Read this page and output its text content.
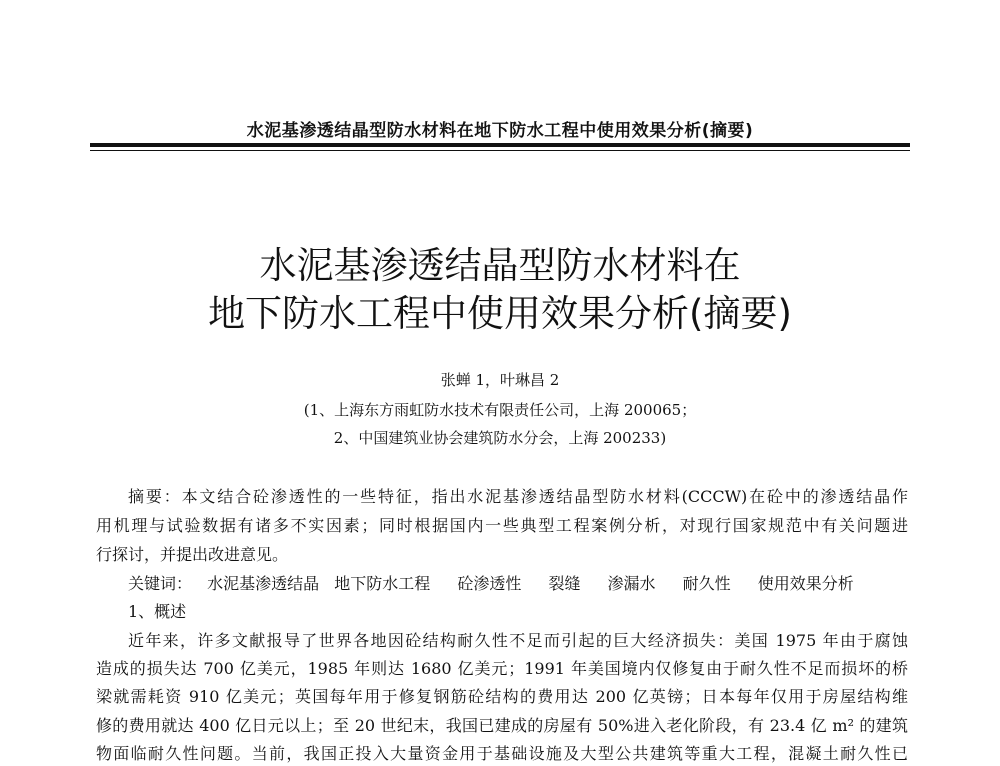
水泥基渗透结晶型防水材料在地下防水工程中使用效果分析(摘要)
水泥基渗透结晶型防水材料在
地下防水工程中使用效果分析(摘要)
张蝉 1，叶琳昌 2
(1、上海东方雨虹防水技术有限责任公司，上海 200065；
2、中国建筑业协会建筑防水分会，上海 200233)
摘要：本文结合砼渗透性的一些特征，指出水泥基渗透结晶型防水材料(CCCW)在砼中的渗透结晶作
用机理与试验数据有诸多不实因素；同时根据国内一些典型工程案例分析，对现行国家规范中有关问题进
行探讨，并提出改进意见。
关键词： 水泥基渗透结晶 地下防水工程 砼渗透性 裂缝 渗漏水 耐久性 使用效果分析
1、概述
近年来，许多文献报导了世界各地因砼结构耐久性不足而引起的巨大经济损失：美国 1975 年由于腐蚀
造成的损失达 700 亿美元，1985 年则达 1680 亿美元；1991 年美国境内仅修复由于耐久性不足而损坏的桥
梁就需耗资 910 亿美元；英国每年用于修复钢筋砼结构的费用达 200 亿英镑；日本每年仅用于房屋结构维
修的费用就达 400 亿日元以上；至 20 世纪末，我国已建成的房屋有 50%进入老化阶段，有 23.4 亿 m² 的建筑
物面临耐久性问题。当前，我国正投入大量资金用于基础设施及大型公共建筑等重大工程，混凝土耐久性已
